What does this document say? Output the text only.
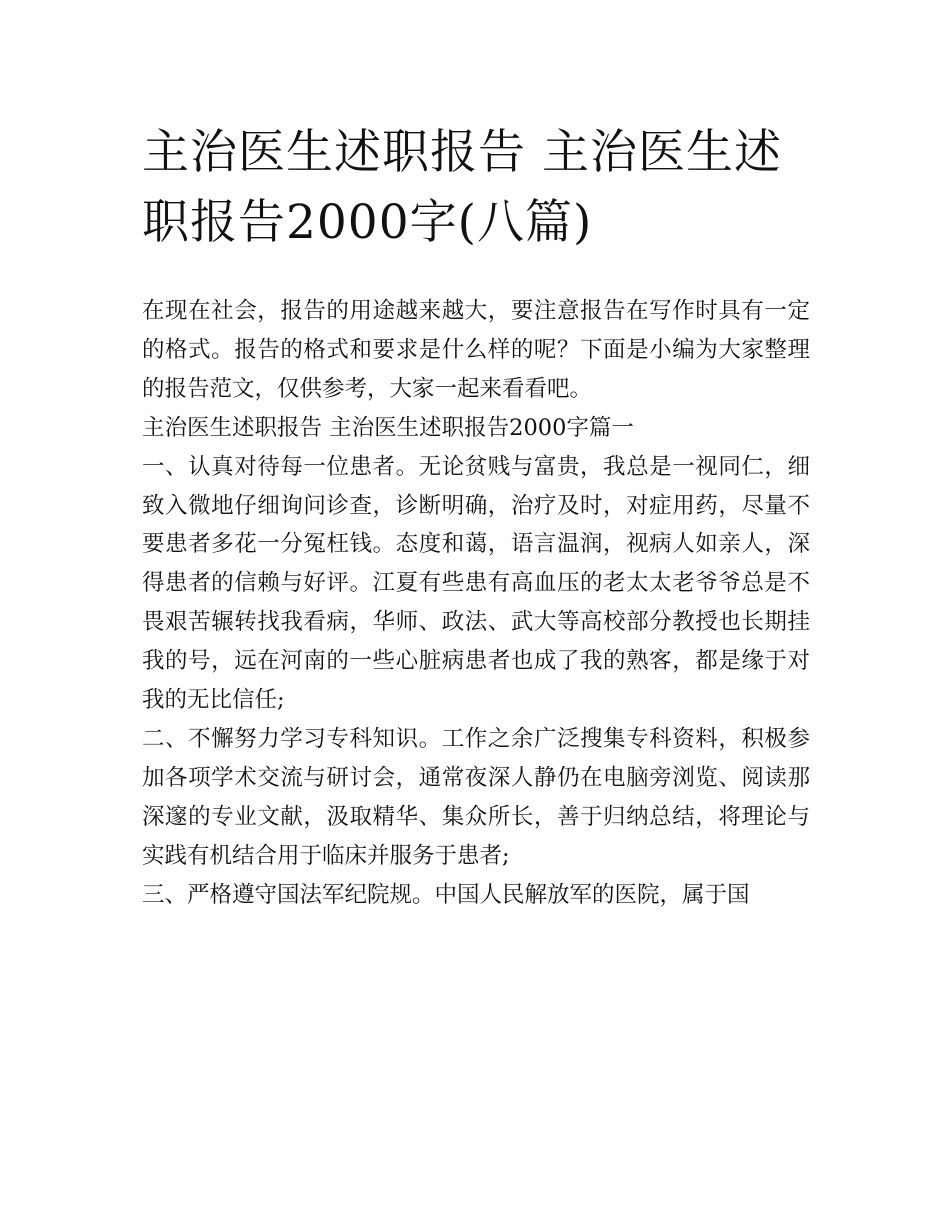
主治医生述职报告 主治医生述
职报告2000字(八篇)

在现在社会，报告的用途越来越大，要注意报告在写作时具有一定的格式。报告的格式和要求是什么样的呢？下面是小编为大家整理的报告范文，仅供参考，大家一起来看看吧。

主治医生述职报告 主治医生述职报告2000字篇一

一、认真对待每一位患者。无论贫贱与富贵，我总是一视同仁，细致入微地仔细询问诊查，诊断明确，治疗及时，对症用药，尽量不要患者多花一分冤枉钱。态度和蔼，语言温润，视病人如亲人，深得患者的信赖与好评。江夏有些患有高血压的老太太老爷爷总是不畏艰苦辗转找我看病，华师、政法、武大等高校部分教授也长期挂我的号，远在河南的一些心脏病患者也成了我的熟客，都是缘于对我的无比信任;

二、不懈努力学习专科知识。工作之余广泛搜集专科资料，积极参加各项学术交流与研讨会，通常夜深人静仍在电脑旁浏览、阅读那深邃的专业文献，汲取精华、集众所长，善于归纳总结，将理论与实践有机结合用于临床并服务于患者;

三、严格遵守国法军纪院规。中国人民解放军的医院，属于国
